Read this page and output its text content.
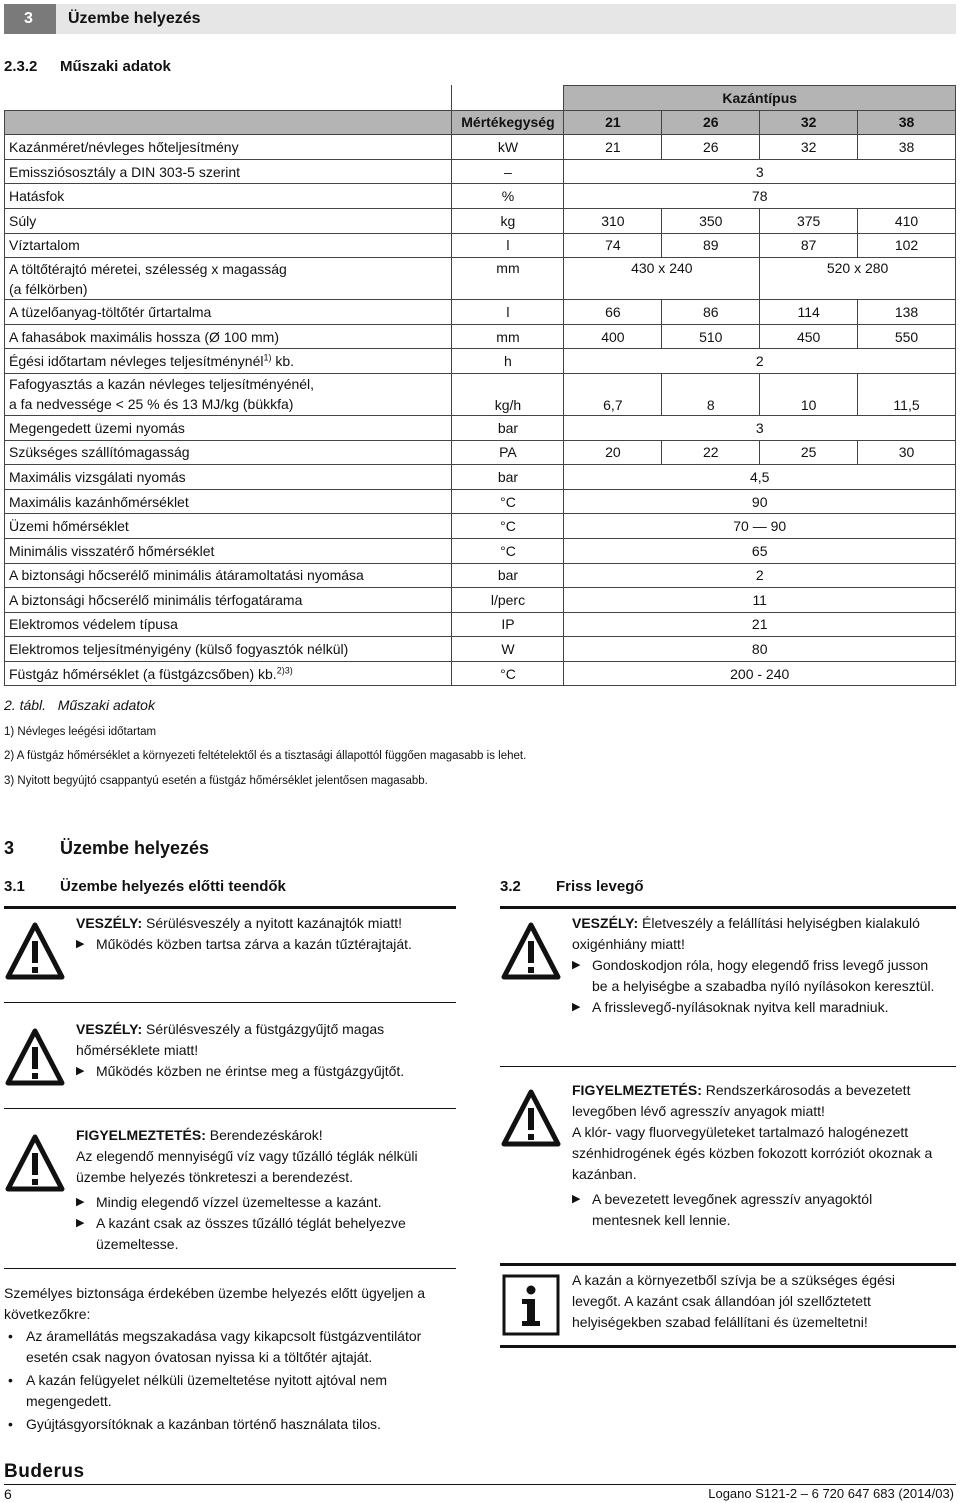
3	Üzembe helyezés
2.3.2 Műszaki adatok
		Kazántípus			
	Mértékegység	21	26	32	38
Kazánméret/névleges hőteljesítmény	kW	21	26	32	38
Emissziósosztály a DIN 303-5 szerint	–	3			
Hatásfok	%	78			
Súly	kg	310	350	375	410
Víztartalom	l	74	89	87	102
A töltőtérajtó méretei, szélesség x magasság
(a félkörben)	mm	430 x 240		520 x 280	
A tüzelőanyag-töltőtér űrtartalma	l	66	86	114	138
A fahasábok maximális hossza (Ø 100 mm)	mm	400	510	450	550
Égési időtartam névleges teljesítménynél$^{1)}$ kb.	h	2			
Fafogyasztás a kazán névleges teljesítményénél,
a fa nedvessége < 25 % és 13 MJ/kg (bükkfa)	kg/h	6,7	8	10	11,5
Megengedett üzemi nyomás	bar	3			
Szükséges szállítómagasság	PA	20	22	25	30
Maximális vizsgálati nyomás	bar	4,5			
Maximális kazánhőmérséklet	°C	90			
Üzemi hőmérséklet	°C	70 — 90			
Minimális visszatérő hőmérséklet	°C	65			
A biztonsági hőcserélő minimális átáramoltatási nyomása	bar	2			
A biztonsági hőcserélő minimális térfogatárama	l/perc	11			
Elektromos védelem típusa	IP	21			
Elektromos teljesítményigény (külső fogyasztók nélkül)	W	80			
Füstgáz hőmérséklet (a füstgázcsőben) kb.$^{2)3)}$	°C	200 - 240			
2. tábl. Műszaki adatok
1) Névleges leégési időtartam
2) A füstgáz hőmérséklet a környezeti feltételektől és a tisztasági állapottól függően magasabb is lehet.
3) Nyitott begyújtó csappantyú esetén a füstgáz hőmérséklet jelentősen magasabb.
3	Üzembe helyezés
3.1 Üzembe helyezés előtti teendők	3.2 Friss levegő
VESZÉLY: Sérülésveszély a nyitott kazánajtók miatt!
▶ Működés közben tartsa zárva a kazán tűztérajtaját.
VESZÉLY: Sérülésveszély a füstgázgyűjtő magas hőmérséklete miatt!
▶ Működés közben ne érintse meg a füstgázgyűjtőt.
FIGYELMEZTETÉS: Berendezéskárok!
Az elegendő mennyiségű víz vagy tűzálló téglák nélküli üzembe helyezés tönkreteszi a berendezést.
▶ Mindig elegendő vízzel üzemeltesse a kazánt.
▶ A kazánt csak az összes tűzálló téglát behelyezve üzemeltesse.
Személyes biztonsága érdekében üzembe helyezés előtt ügyeljen a következőkre:
• Az áramellátás megszakadása vagy kikapcsolt füstgázventilátor esetén csak nagyon óvatosan nyissa ki a töltőtér ajtaját.
• A kazán felügyelet nélküli üzemeltetése nyitott ajtóval nem megengedett.
• Gyújtásgyorsítóknak a kazánban történő használata tilos.
VESZÉLY: Életveszély a felállítási helyiségben kialakuló oxigénhiány miatt!
▶ Gondoskodjon róla, hogy elegendő friss levegő jusson be a helyiségbe a szabadba nyíló nyílásokon keresztül.
▶ A frisslevegő-nyílásoknak nyitva kell maradniuk.
FIGYELMEZTETÉS: Rendszerkárosodás a bevezetett levegőben lévő agresszív anyagok miatt!
A klór- vagy fluorvegyületeket tartalmazó halogénezett szénhidrogének égés közben fokozott korróziót okoznak a kazánban.
▶ A bevezetett levegőnek agresszív anyagoktól mentesnek kell lennie.
A kazán a környezetből szívja be a szükséges égési levegőt. A kazánt csak állandóan jól szellőztetett helyiségekben szabad felállítani és üzemeltetni!
Buderus
6	Logano S121-2 – 6 720 647 683 (2014/03)
